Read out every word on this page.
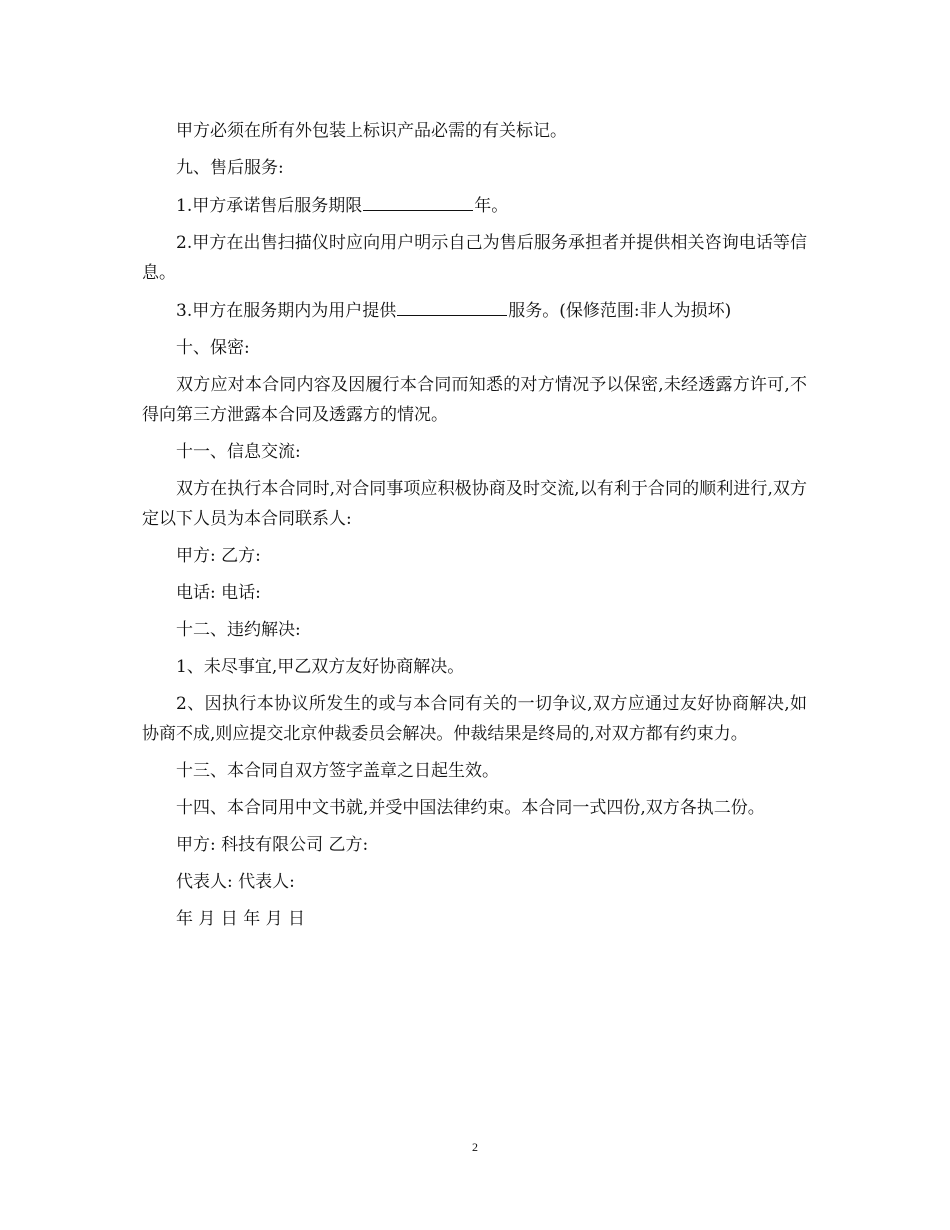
甲方必须在所有外包装上标识产品必需的有关标记。

九、售后服务:

1.甲方承诺售后服务期限	年。

2.甲方在出售扫描仪时应向用户明示自己为售后服务承担者并提供相关咨询电话等信息。

3.甲方在服务期内为用户提供	服务。(保修范围:非人为损坏)

十、保密:

双方应对本合同内容及因履行本合同而知悉的对方情况予以保密,未经透露方许可,不得向第三方泄露本合同及透露方的情况。

十一、信息交流:

双方在执行本合同时,对合同事项应积极协商及时交流,以有利于合同的顺利进行,双方定以下人员为本合同联系人:

甲方: 乙方:

电话: 电话:

十二、违约解决:

1、未尽事宜,甲乙双方友好协商解决。

2、因执行本协议所发生的或与本合同有关的一切争议,双方应通过友好协商解决,如协商不成,则应提交北京仲裁委员会解决。仲裁结果是终局的,对双方都有约束力。

十三、本合同自双方签字盖章之日起生效。

十四、本合同用中文书就,并受中国法律约束。本合同一式四份,双方各执二份。

甲方: 科技有限公司 乙方:

代表人: 代表人:

年 月 日 年 月 日

2
